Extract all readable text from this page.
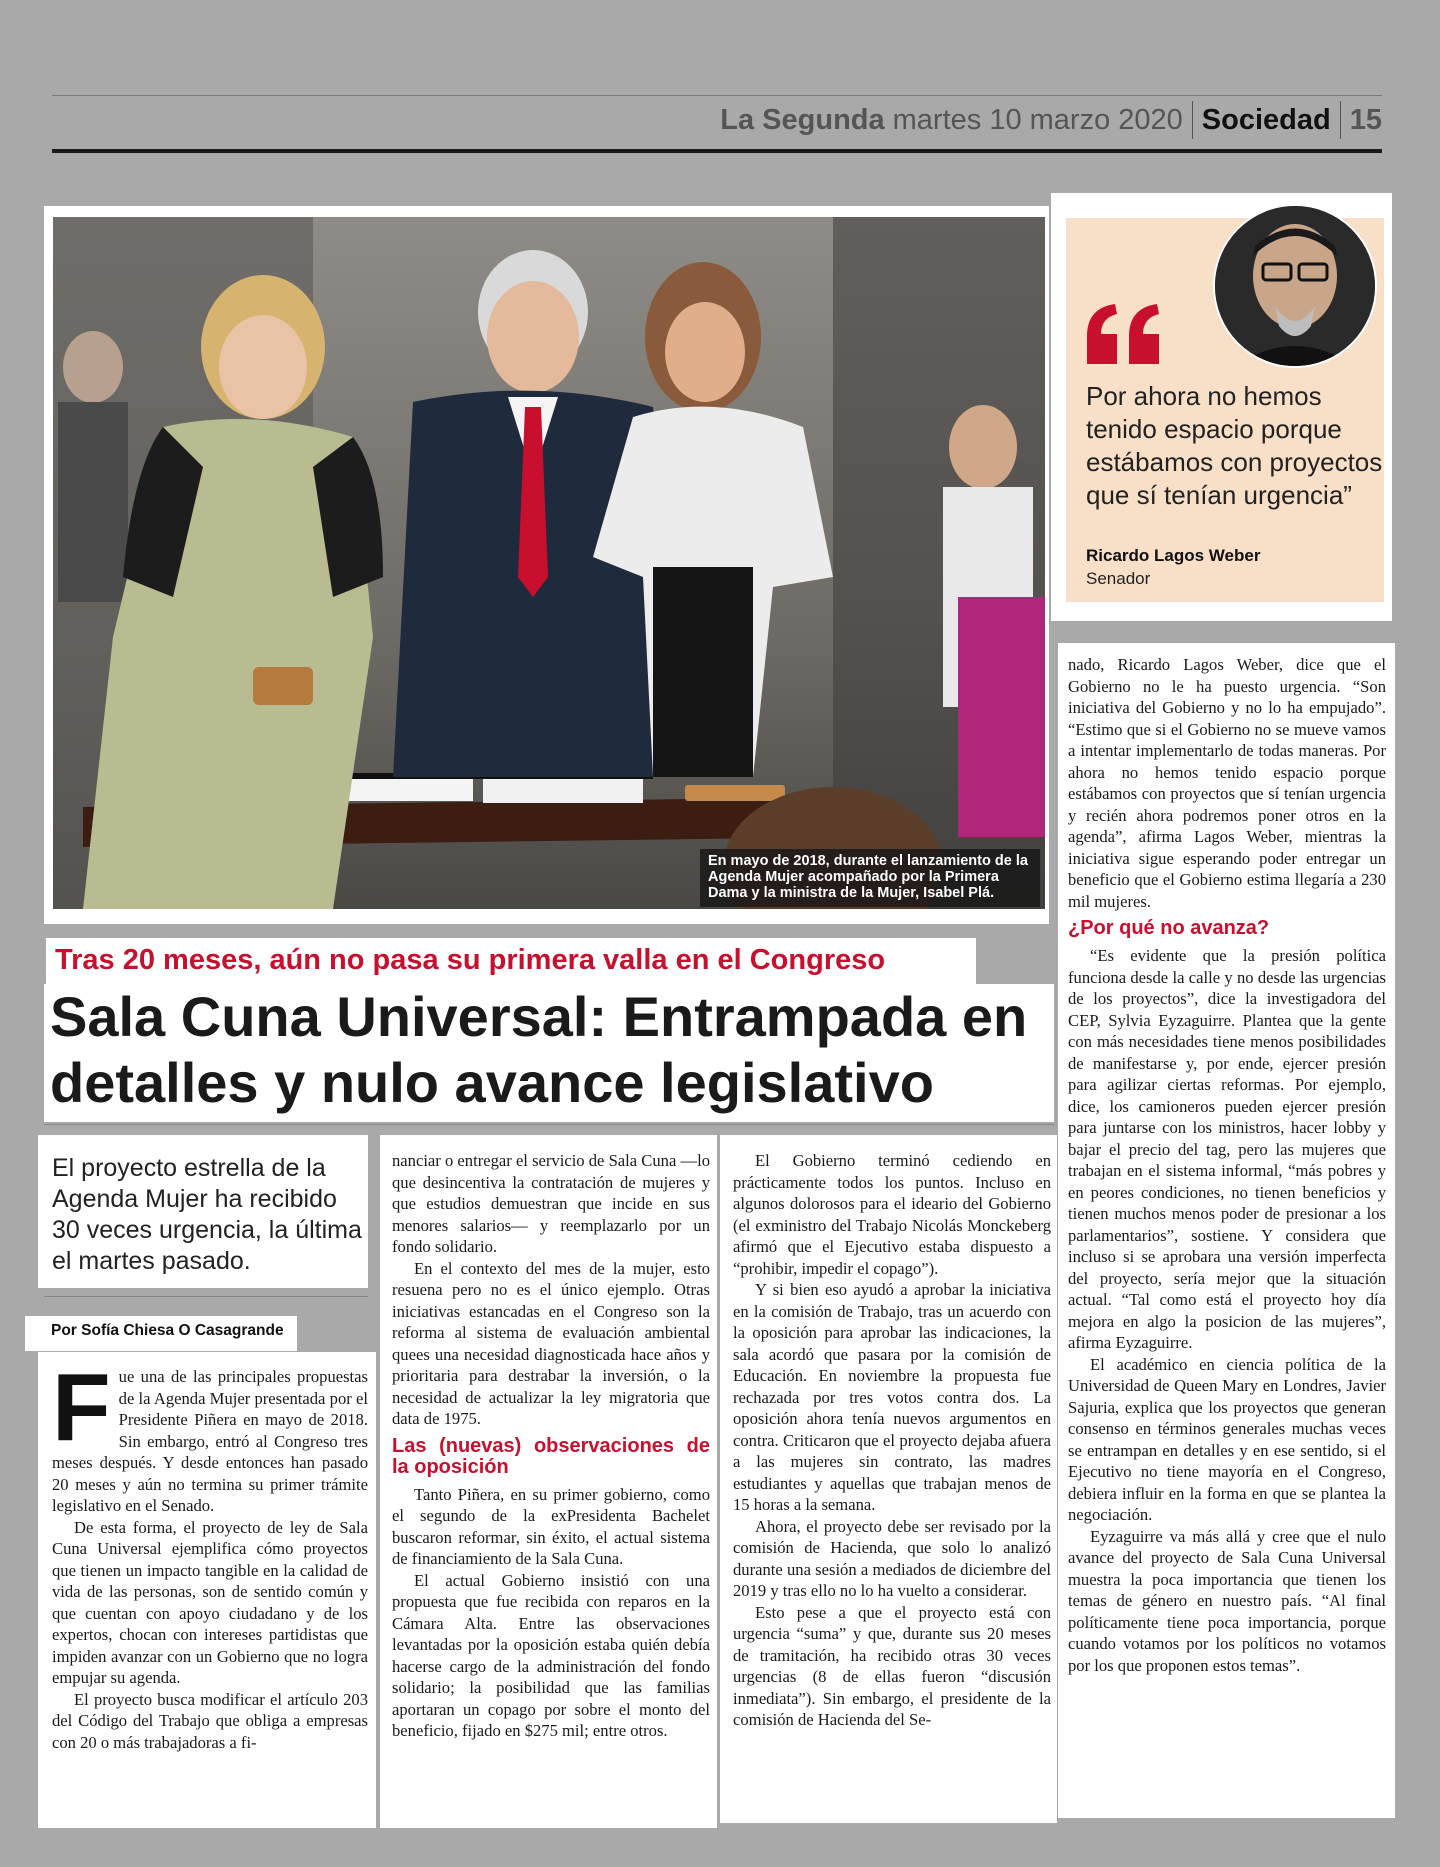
La Segunda martes 10 marzo 2020 Sociedad 15
En mayo de 2018, durante el lanzamiento de la Agenda Mujer acompañado por la Primera Dama y la ministra de la Mujer, Isabel Plá.
Por ahora no hemos tenido espacio porque estábamos con proyectos que sí tenían urgencia”
Ricardo Lagos Weber
Senador
Tras 20 meses, aún no pasa su primera valla en el Congreso
Sala Cuna Universal: Entrampada en detalles y nulo avance legislativo
El proyecto estrella de la Agenda Mujer ha recibido 30 veces urgencia, la última el martes pasado.
Por Sofía Chiesa O Casagrande

Fue una de las principales propuestas de la Agenda Mujer presentada por el Presidente Piñera en mayo de 2018. Sin embargo, entró al Congreso tres meses después. Y desde entonces han pasado 20 meses y aún no termina su primer trámite legislativo en el Senado.

De esta forma, el proyecto de ley de Sala Cuna Universal ejemplifica cómo proyectos que tienen un impacto tangible en la calidad de vida de las personas, son de sentido común y que cuentan con apoyo ciudadano y de los expertos, chocan con intereses partidistas que impiden avanzar con un Gobierno que no logra empujar su agenda.

El proyecto busca modificar el artículo 203 del Código del Trabajo que obliga a empresas con 20 o más trabajadoras a fi-

nanciar o entregar el servicio de Sala Cuna —lo que desincentiva la contratación de mujeres y que estudios demuestran que incide en sus menores salarios— y reemplazarlo por un fondo solidario.

En el contexto del mes de la mujer, esto resuena pero no es el único ejemplo. Otras iniciativas estancadas en el Congreso son la reforma al sistema de evaluación ambiental quees una necesidad diagnosticada hace años y prioritaria para destrabar la inversión, o la necesidad de actualizar la ley migratoria que data de 1975.

Las (nuevas) observaciones de la oposición

Tanto Piñera, en su primer gobierno, como el segundo de la exPresidenta Bachelet buscaron reformar, sin éxito, el actual sistema de financiamiento de la Sala Cuna.

El actual Gobierno insistió con una propuesta que fue recibida con reparos en la Cámara Alta. Entre las observaciones levantadas por la oposición estaba quién debía hacerse cargo de la administración del fondo solidario; la posibilidad que las familias aportaran un copago por sobre el monto del beneficio, fijado en $275 mil; entre otros.

El Gobierno terminó cediendo en prácticamente todos los puntos. Incluso en algunos dolorosos para el ideario del Gobierno (el exministro del Trabajo Nicolás Monckeberg afirmó que el Ejecutivo estaba dispuesto a “prohibir, impedir el copago”).

Y si bien eso ayudó a aprobar la iniciativa en la comisión de Trabajo, tras un acuerdo con la oposición para aprobar las indicaciones, la sala acordó que pasara por la comisión de Educación. En noviembre la propuesta fue rechazada por tres votos contra dos. La oposición ahora tenía nuevos argumentos en contra. Criticaron que el proyecto dejaba afuera a las mujeres sin contrato, las madres estudiantes y aquellas que trabajan menos de 15 horas a la semana.

Ahora, el proyecto debe ser revisado por la comisión de Hacienda, que solo lo analizó durante una sesión a mediados de diciembre del 2019 y tras ello no lo ha vuelto a considerar.

Esto pese a que el proyecto está con urgencia “suma” y que, durante sus 20 meses de tramitación, ha recibido otras 30 veces urgencias (8 de ellas fueron “discusión inmediata”). Sin embargo, el presidente de la comisión de Hacienda del Se-

nado, Ricardo Lagos Weber, dice que el Gobierno no le ha puesto urgencia. “Son iniciativa del Gobierno y no lo ha empujado”. “Estimo que si el Gobierno no se mueve vamos a intentar implementarlo de todas maneras. Por ahora no hemos tenido espacio porque estábamos con proyectos que sí tenían urgencia y recién ahora podremos poner otros en la agenda”, afirma Lagos Weber, mientras la iniciativa sigue esperando poder entregar un beneficio que el Gobierno estima llegaría a 230 mil mujeres.

¿Por qué no avanza?

“Es evidente que la presión política funciona desde la calle y no desde las urgencias de los proyectos”, dice la investigadora del CEP, Sylvia Eyzaguirre. Plantea que la gente con más necesidades tiene menos posibilidades de manifestarse y, por ende, ejercer presión para agilizar ciertas reformas. Por ejemplo, dice, los camioneros pueden ejercer presión para juntarse con los ministros, hacer lobby y bajar el precio del tag, pero las mujeres que trabajan en el sistema informal, “más pobres y en peores condiciones, no tienen beneficios y tienen muchos menos poder de presionar a los parlamentarios”, sostiene. Y considera que incluso si se aprobara una versión imperfecta del proyecto, sería mejor que la situación actual. “Tal como está el proyecto hoy día mejora en algo la posicion de las mujeres”, afirma Eyzaguirre.

El académico en ciencia política de la Universidad de Queen Mary en Londres, Javier Sajuria, explica que los proyectos que generan consenso en términos generales muchas veces se entrampan en detalles y en ese sentido, si el Ejecutivo no tiene mayoría en el Congreso, debiera influir en la forma en que se plantea la negociación.

Eyzaguirre va más allá y cree que el nulo avance del proyecto de Sala Cuna Universal muestra la poca importancia que tienen los temas de género en nuestro país. “Al final políticamente tiene poca importancia, porque cuando votamos por los políticos no votamos por los que proponen estos temas”.
